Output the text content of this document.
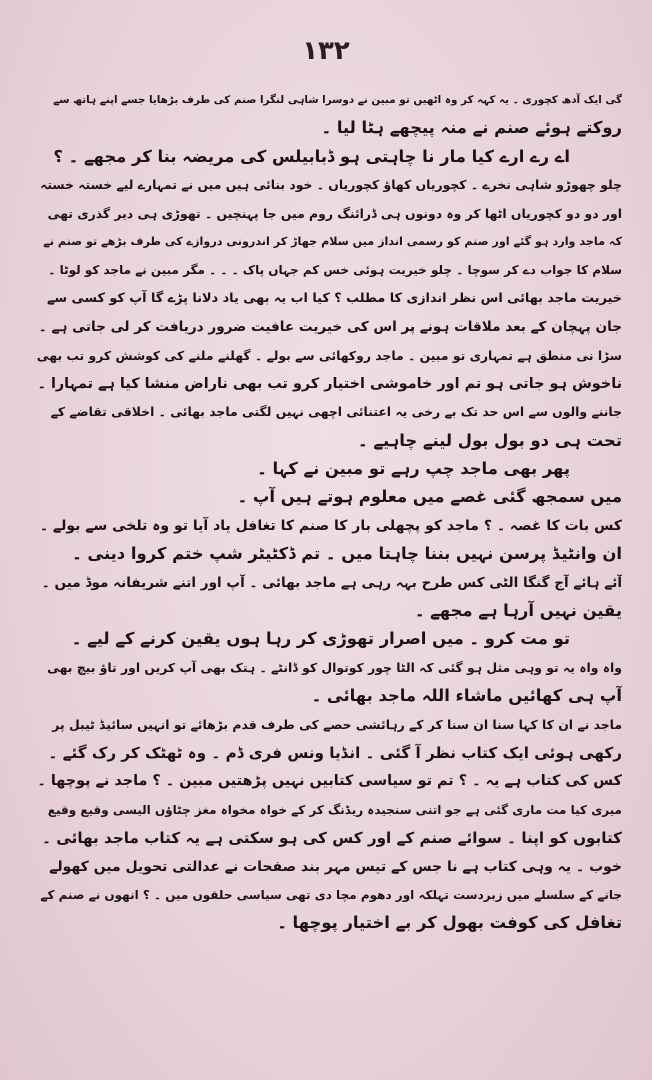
۱۳۲
گی ایک آدھ کچوری ۔ یہ کہہ کر وہ اٹھیں تو مبین نے دوسرا شاہی لنگرا صنم کی طرف بڑھایا جسے اپنے ہاتھ سے
روکتے ہوئے صنم نے منہ پیچھے ہٹا لیا ۔
اے رے ارے کیا مار نا چاہتی ہو ڈبابیلس کی مریضہ بنا کر مجھے ۔ ؟
چلو چھوڑو شاہی نخرے ۔ کچوریاں کھاؤ کچوریاں ۔ خود بنائی ہیں میں نے تمہارے لیے خستہ خستہ
اور دو دو کچوریاں اٹھا کر وہ دونوں ہی ڈرائنگ روم میں جا پہنچیں ۔ تھوڑی ہی دیر گذری تھی
کہ ماجد وارد ہو گئے اور صنم کو رسمی انداز میں سلام جھاڑ کر اندرونی دروازے کی طرف بڑھے تو صنم نے
سلام کا جواب دے کر سوچا ۔ چلو خیریت ہوئی خس کم جہاں پاک ۔ ۔ ۔ مگر مبین نے ماجد کو لوٹا ۔
خیریت ماجد بھائی اس نظر اندازی کا مطلب ؟ کیا اب یہ بھی یاد دلانا پڑے گا آپ کو کسی سے
جان پہچان کے بعد ملاقات ہونے پر اس کی خیریت عافیت ضرور دریافت کر لی جاتی ہے ۔
سڑا نی منطق ہے تمہاری تو مبین ۔ ماجد روکھائی سے بولے ۔ گھلنے ملنے کی کوشش کرو تب بھی
ناخوش ہو جاتی ہو تم اور خاموشی اختیار کرو تب بھی ناراض منشا کیا ہے تمہارا ۔
جاننے والوں سے اس حد تک بے رخی یہ اعتنائی اچھی نہیں لگتی ماجد بھائی ۔ اخلاقی تقاضے کے
تحت ہی دو بول بول لینے چاہیے ۔
پھر بھی ماجد چپ رہے تو مبین نے کہا ۔
میں سمجھ گئی غصے میں معلوم ہوتے ہیں آپ ۔
کس بات کا غصہ ۔ ؟ ماجد کو پچھلی بار کا صنم کا تغافل یاد آیا تو وہ تلخی سے بولے ۔
ان وانٹیڈ پرسن نہیں بننا چاہتا میں ۔ تم ڈکٹیٹر شپ ختم کروا دینی ۔
آئے ہائے آج گنگا الٹی کس طرح بہہ رہی ہے ماجد بھائی ۔ آپ اور اتنے شریفانہ موڈ میں ۔
یقین نہیں آرہا ہے مجھے ۔
تو مت کرو ۔ میں اصرار تھوڑی کر رہا ہوں یقین کرنے کے لیے ۔
واہ واہ یہ تو وہی مثل ہو گئی کہ الٹا چور کوتوال کو ڈانٹے ۔ ہتک بھی آپ کریں اور تاؤ بیچ بھی
آپ ہی کھائیں ماشاء اللہ ماجد بھائی ۔
ماجد نے ان کا کہا سنا ان سنا کر کے رہائشی حصے کی طرف قدم بڑھائے تو انہیں سائیڈ ٹیبل پر
رکھی ہوئی ایک کتاب نظر آ گئی ۔ انڈیا ونس فری ڈم ۔ وہ ٹھٹک کر رک گئے ۔
کس کی کتاب ہے یہ ۔ ؟ تم تو سیاسی کتابیں نہیں پڑھتیں مبین ۔ ؟ ماجد نے پوچھا ۔
میری کیا مت ماری گئی ہے جو اتنی سنجیدہ ریڈنگ کر کے خواہ مخواہ مغز چٹاؤں الیسی وقیع وقیع
کتابوں کو اپنا ۔ سوائے صنم کے اور کس کی ہو سکتی ہے یہ کتاب ماجد بھائی ۔
خوب ۔ یہ وہی کتاب ہے نا جس کے تیس مہر بند صفحات نے عدالتی تحویل میں کھولے
جانے کے سلسلے میں زبردست تہلکہ اور دھوم مچا دی تھی سیاسی حلقوں میں ۔ ؟ انھوں نے صنم کے
تغافل کی کوفت بھول کر بے اختیار پوچھا ۔
